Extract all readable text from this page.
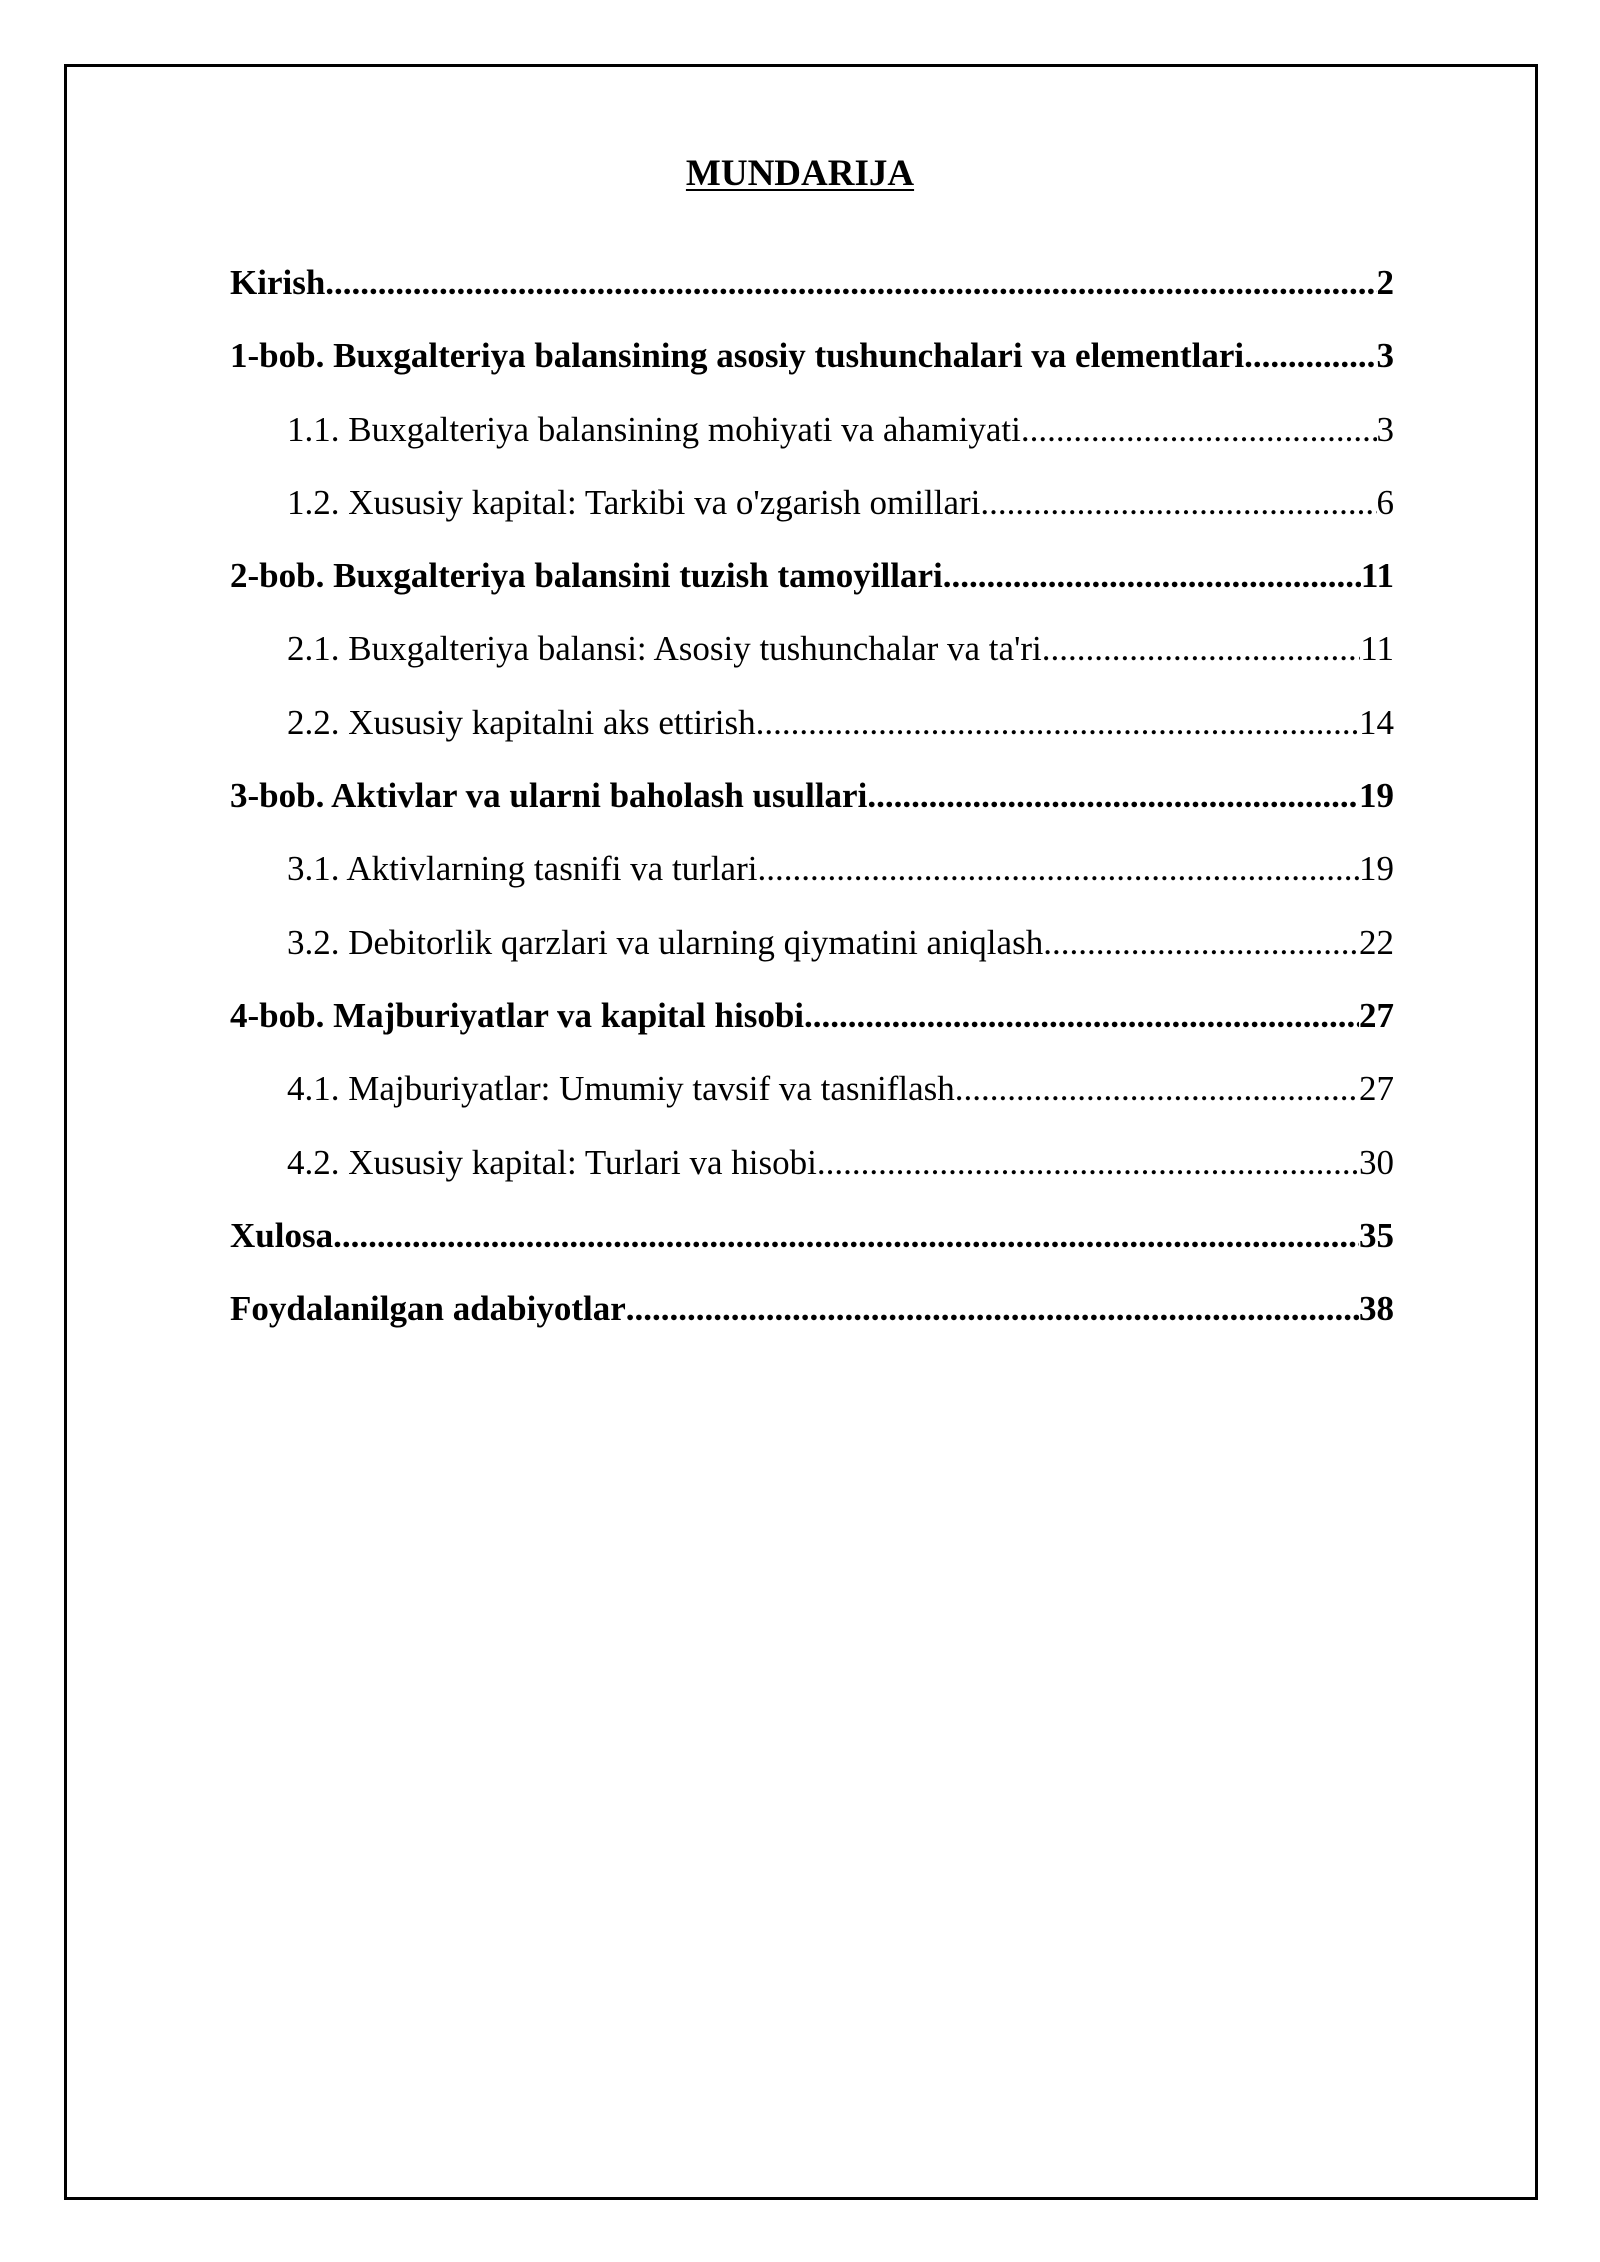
MUNDARIJA
Kirish .....	2
1-bob. Buxgalteriya balansining asosiy tushunchalari va elementlari .....	3
1.1. Buxgalteriya balansining mohiyati va ahamiyati .....	3
1.2. Xususiy kapital: Tarkibi va o'zgarish omillari .....	6
2-bob. Buxgalteriya balansini tuzish tamoyillari .....	11
2.1. Buxgalteriya balansi: Asosiy tushunchalar va ta'ri .....	11
2.2. Xususiy kapitalni aks ettirish .....	14
3-bob. Aktivlar va ularni baholash usullari .....	19
3.1. Aktivlarning tasnifi va turlari .....	19
3.2. Debitorlik qarzlari va ularning qiymatini aniqlash .....	22
4-bob. Majburiyatlar va kapital hisobi .....	27
4.1. Majburiyatlar: Umumiy tavsif va tasniflash .....	27
4.2. Xususiy kapital: Turlari va hisobi .....	30
Xulosa .....	35
Foydalanilgan adabiyotlar .....	38
